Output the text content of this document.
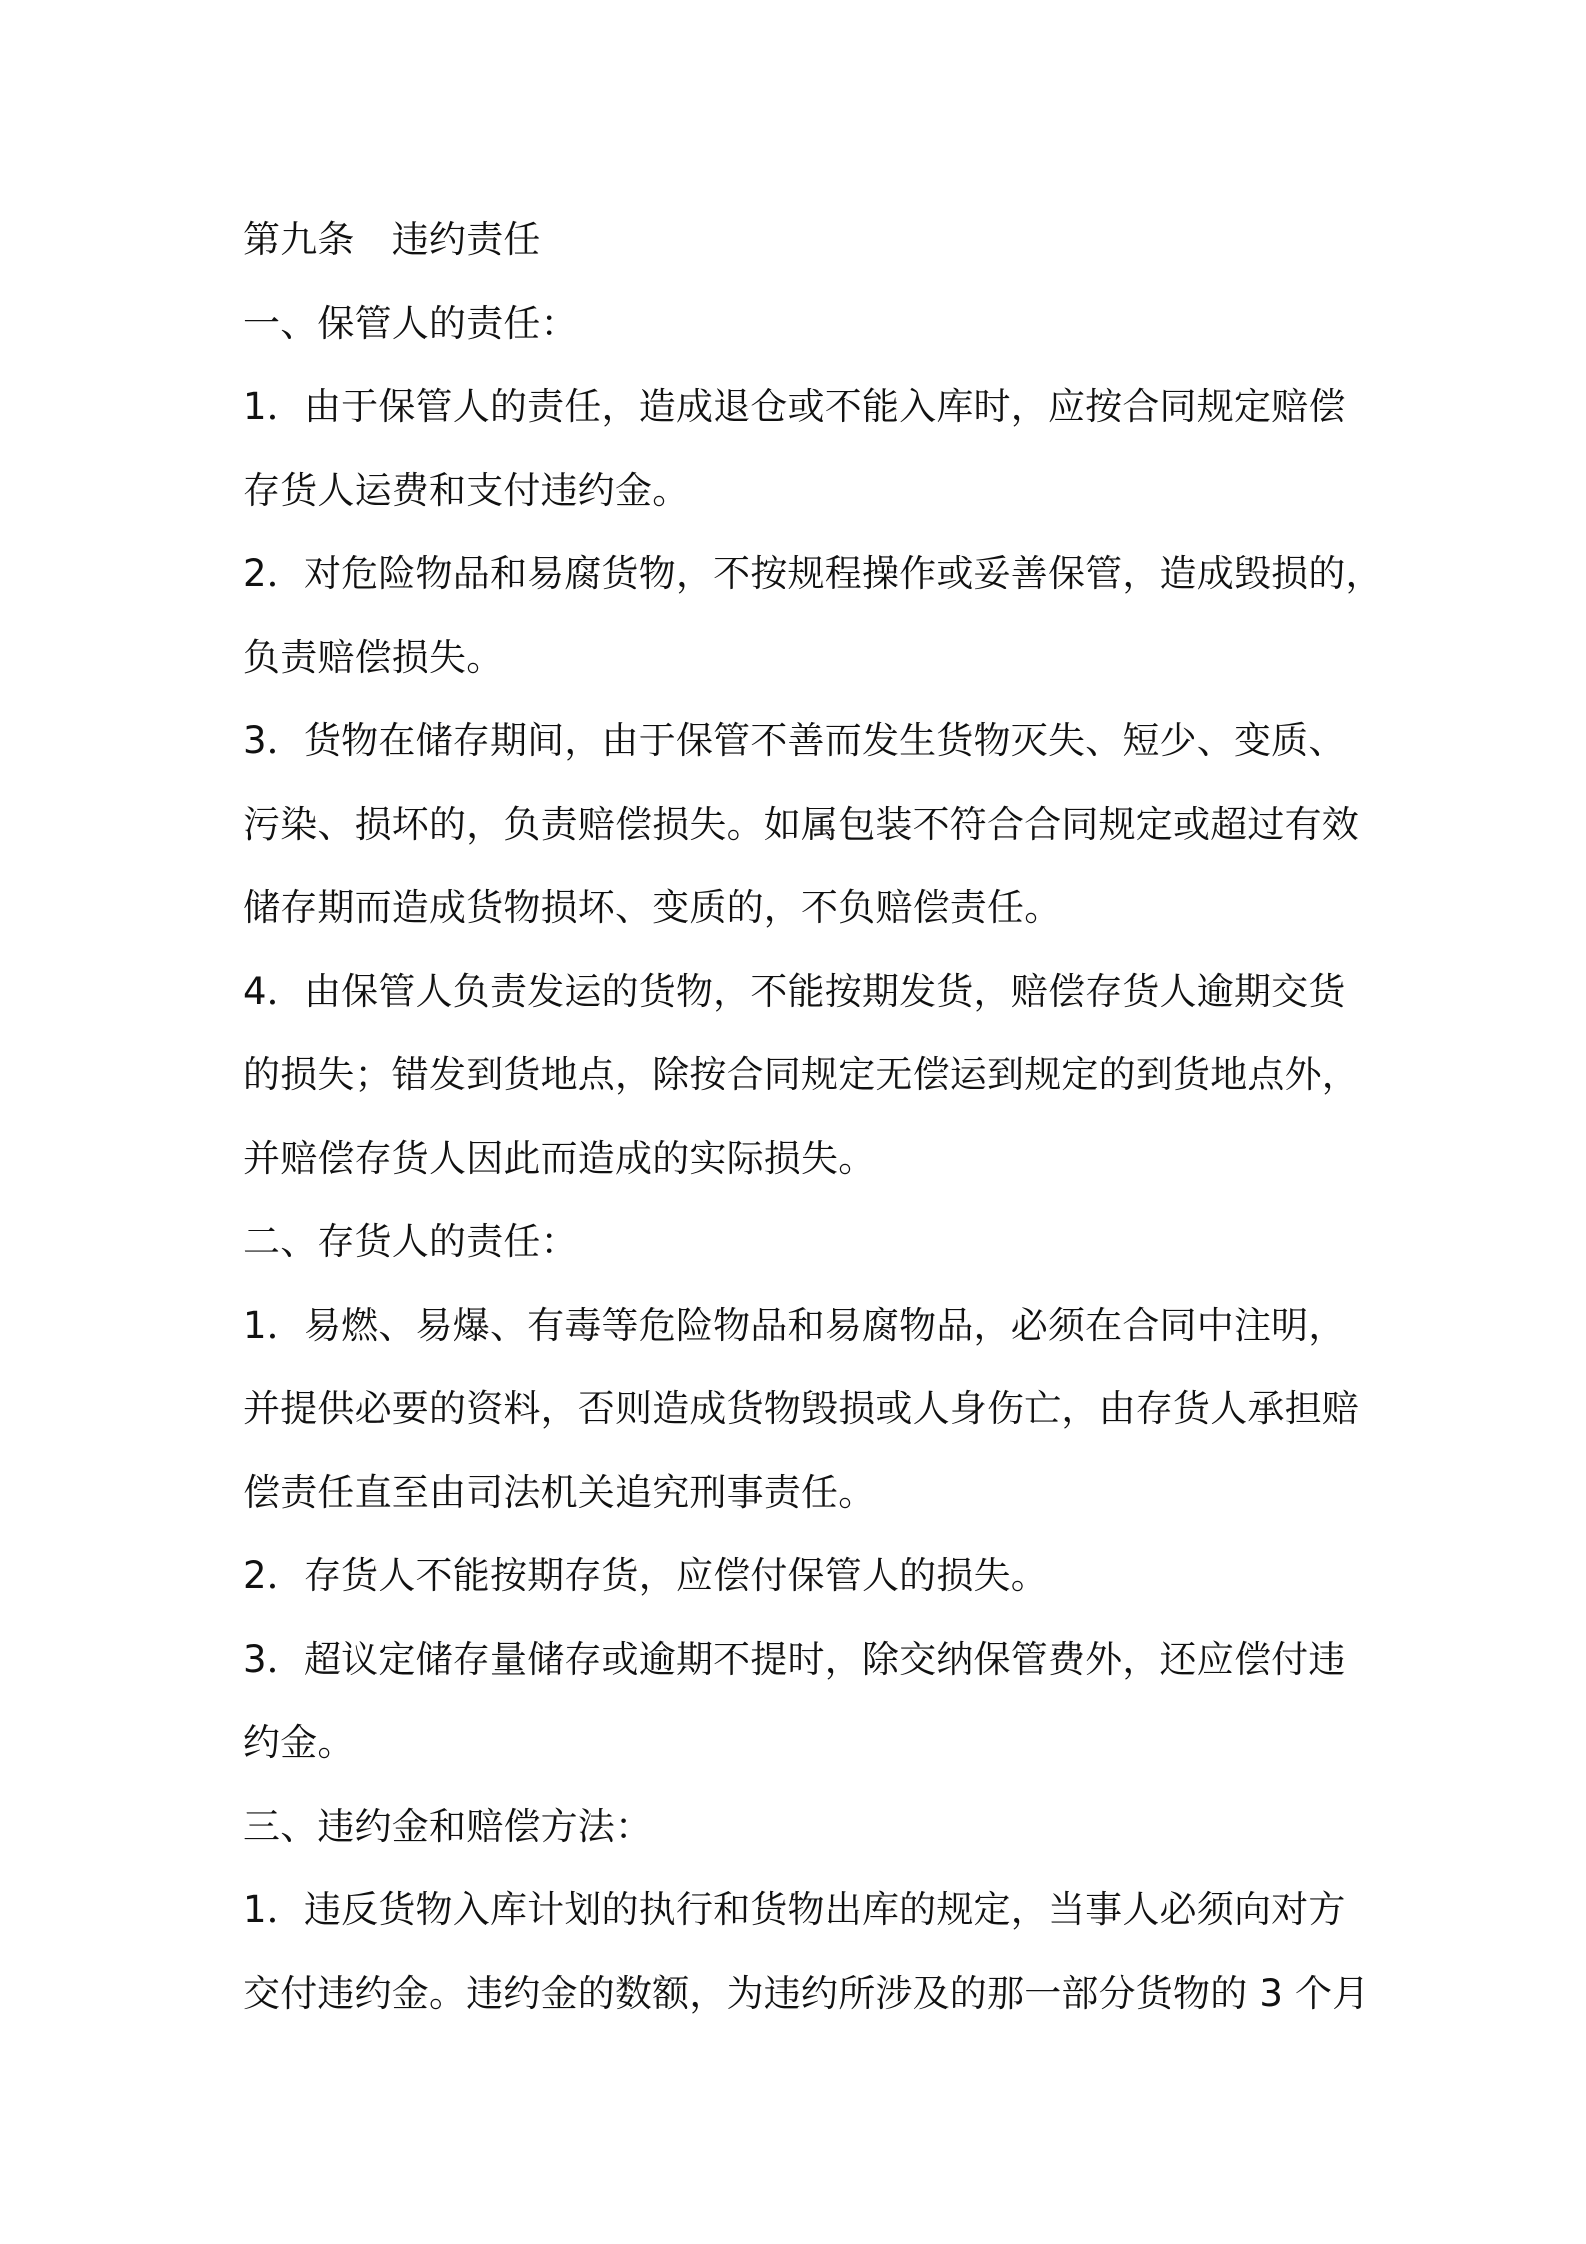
第九条　违约责任
一、保管人的责任：
1．由于保管人的责任，造成退仓或不能入库时，应按合同规定赔偿
存货人运费和支付违约金。
2．对危险物品和易腐货物，不按规程操作或妥善保管，造成毁损的，
负责赔偿损失。
3．货物在储存期间，由于保管不善而发生货物灭失、短少、变质、
污染、损坏的，负责赔偿损失。如属包装不符合合同规定或超过有效
储存期而造成货物损坏、变质的，不负赔偿责任。
4．由保管人负责发运的货物，不能按期发货，赔偿存货人逾期交货
的损失；错发到货地点，除按合同规定无偿运到规定的到货地点外，
并赔偿存货人因此而造成的实际损失。
二、存货人的责任：
1．易燃、易爆、有毒等危险物品和易腐物品，必须在合同中注明，
并提供必要的资料，否则造成货物毁损或人身伤亡，由存货人承担赔
偿责任直至由司法机关追究刑事责任。
2．存货人不能按期存货，应偿付保管人的损失。
3．超议定储存量储存或逾期不提时，除交纳保管费外，还应偿付违
约金。
三、违约金和赔偿方法：
1．违反货物入库计划的执行和货物出库的规定，当事人必须向对方
交付违约金。违约金的数额，为违约所涉及的那一部分货物的 3 个月
